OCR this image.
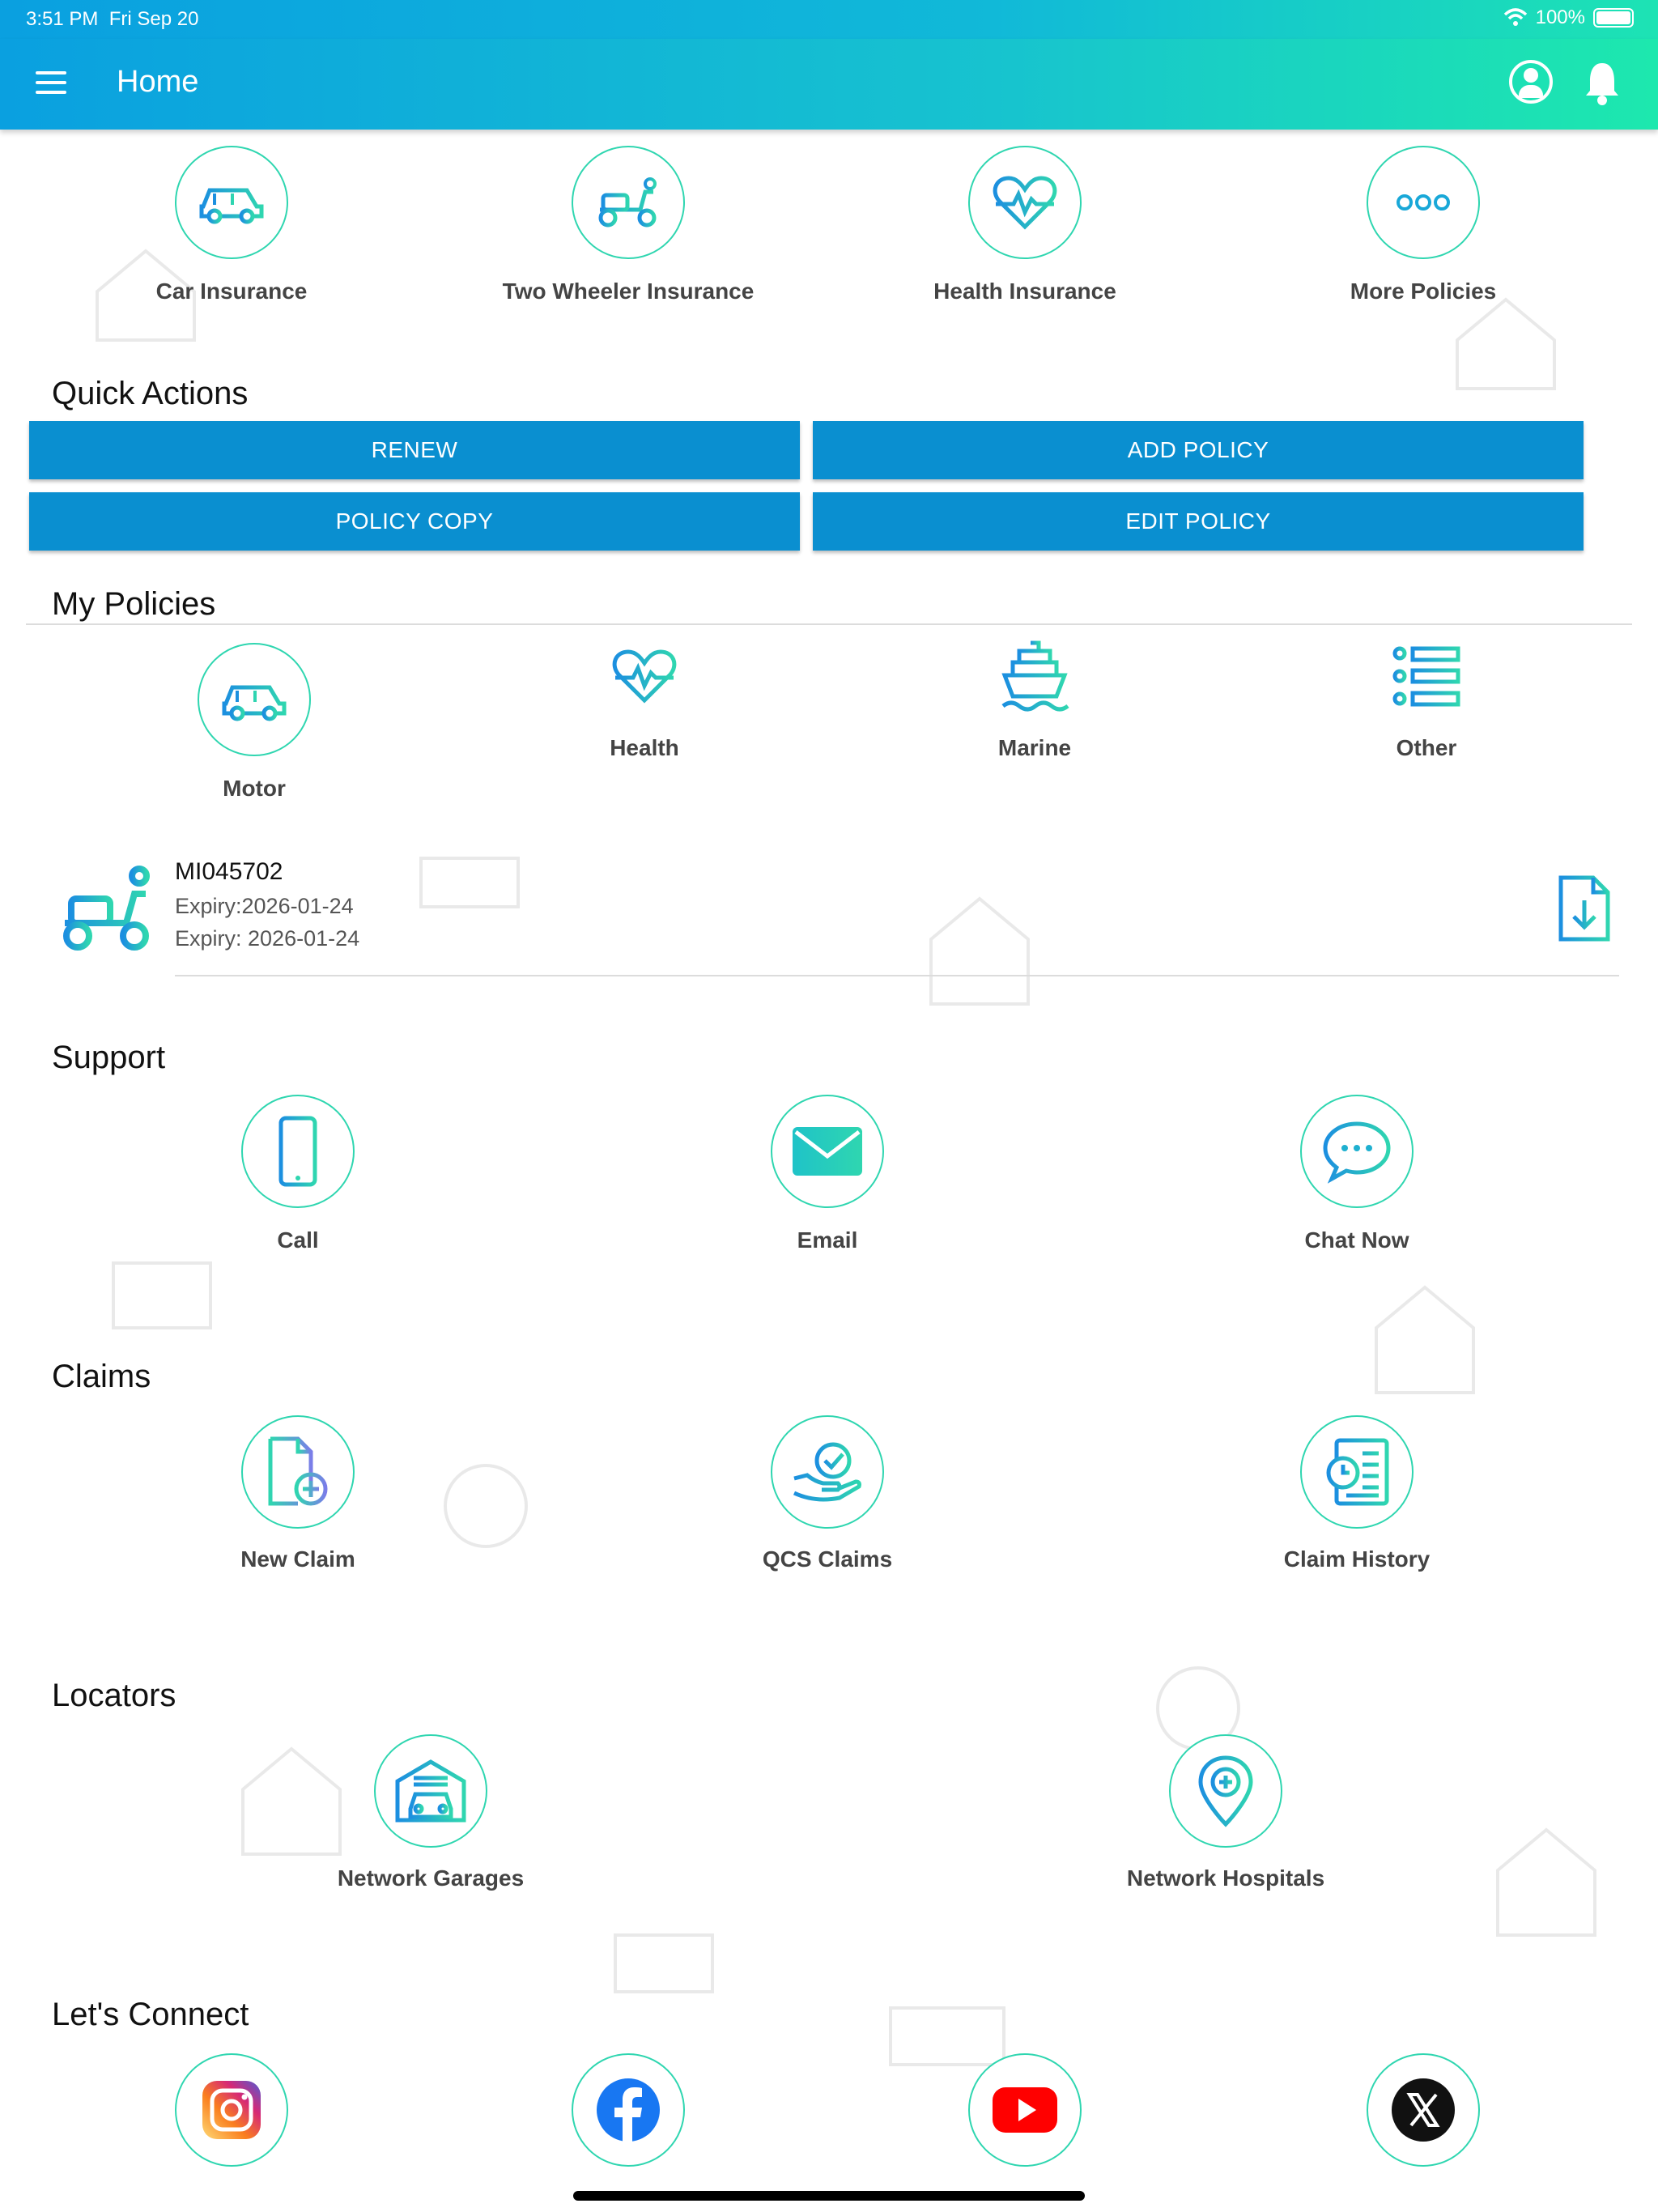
3:51 PM Fri Sep 20	100%
Home
Car Insurance	Two Wheeler Insurance	Health Insurance	More Policies
Quick Actions
RENEW	ADD POLICY
POLICY COPY	EDIT POLICY
My Policies
Motor
Health	Marine	Other
MI045702
Expiry:2026-01-24
Expiry: 2026-01-24
Support
Call	Email	Chat Now
Claims
New Claim	QCS Claims	Claim History
Locators
Network Garages	Network Hospitals
Let's Connect
